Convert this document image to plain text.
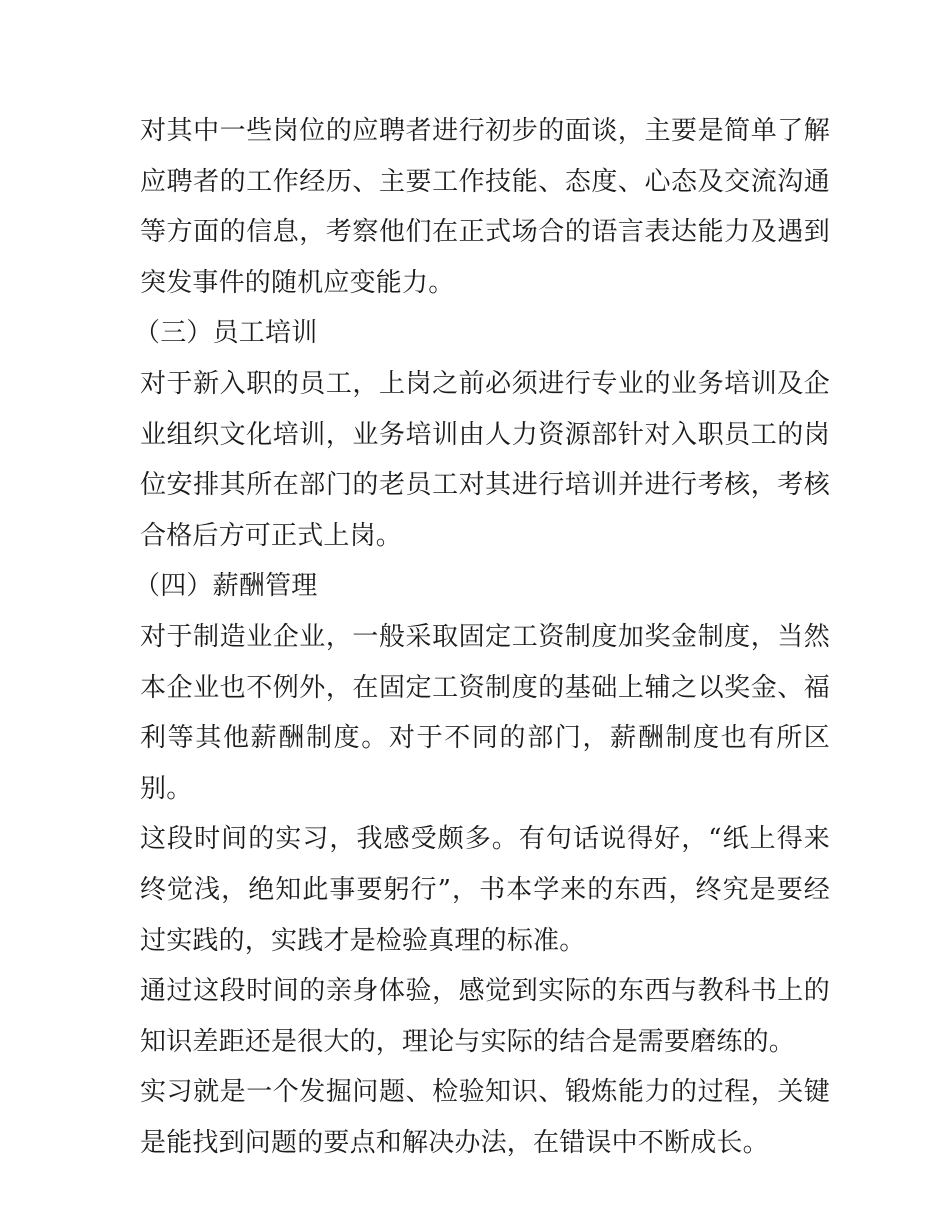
对其中一些岗位的应聘者进行初步的面谈，主要是简单了解应聘者的工作经历、主要工作技能、态度、心态及交流沟通等方面的信息，考察他们在正式场合的语言表达能力及遇到突发事件的随机应变能力。

（三）员工培训

对于新入职的员工，上岗之前必须进行专业的业务培训及企业组织文化培训，业务培训由人力资源部针对入职员工的岗位安排其所在部门的老员工对其进行培训并进行考核，考核合格后方可正式上岗。

（四）薪酬管理

对于制造业企业，一般采取固定工资制度加奖金制度，当然本企业也不例外，在固定工资制度的基础上辅之以奖金、福利等其他薪酬制度。对于不同的部门，薪酬制度也有所区别。

这段时间的实习，我感受颇多。有句话说得好，“纸上得来终觉浅，绝知此事要躬行”，书本学来的东西，终究是要经过实践的，实践才是检验真理的标准。

通过这段时间的亲身体验，感觉到实际的东西与教科书上的知识差距还是很大的，理论与实际的结合是需要磨练的。

实习就是一个发掘问题、检验知识、锻炼能力的过程，关键是能找到问题的要点和解决办法，在错误中不断成长。
